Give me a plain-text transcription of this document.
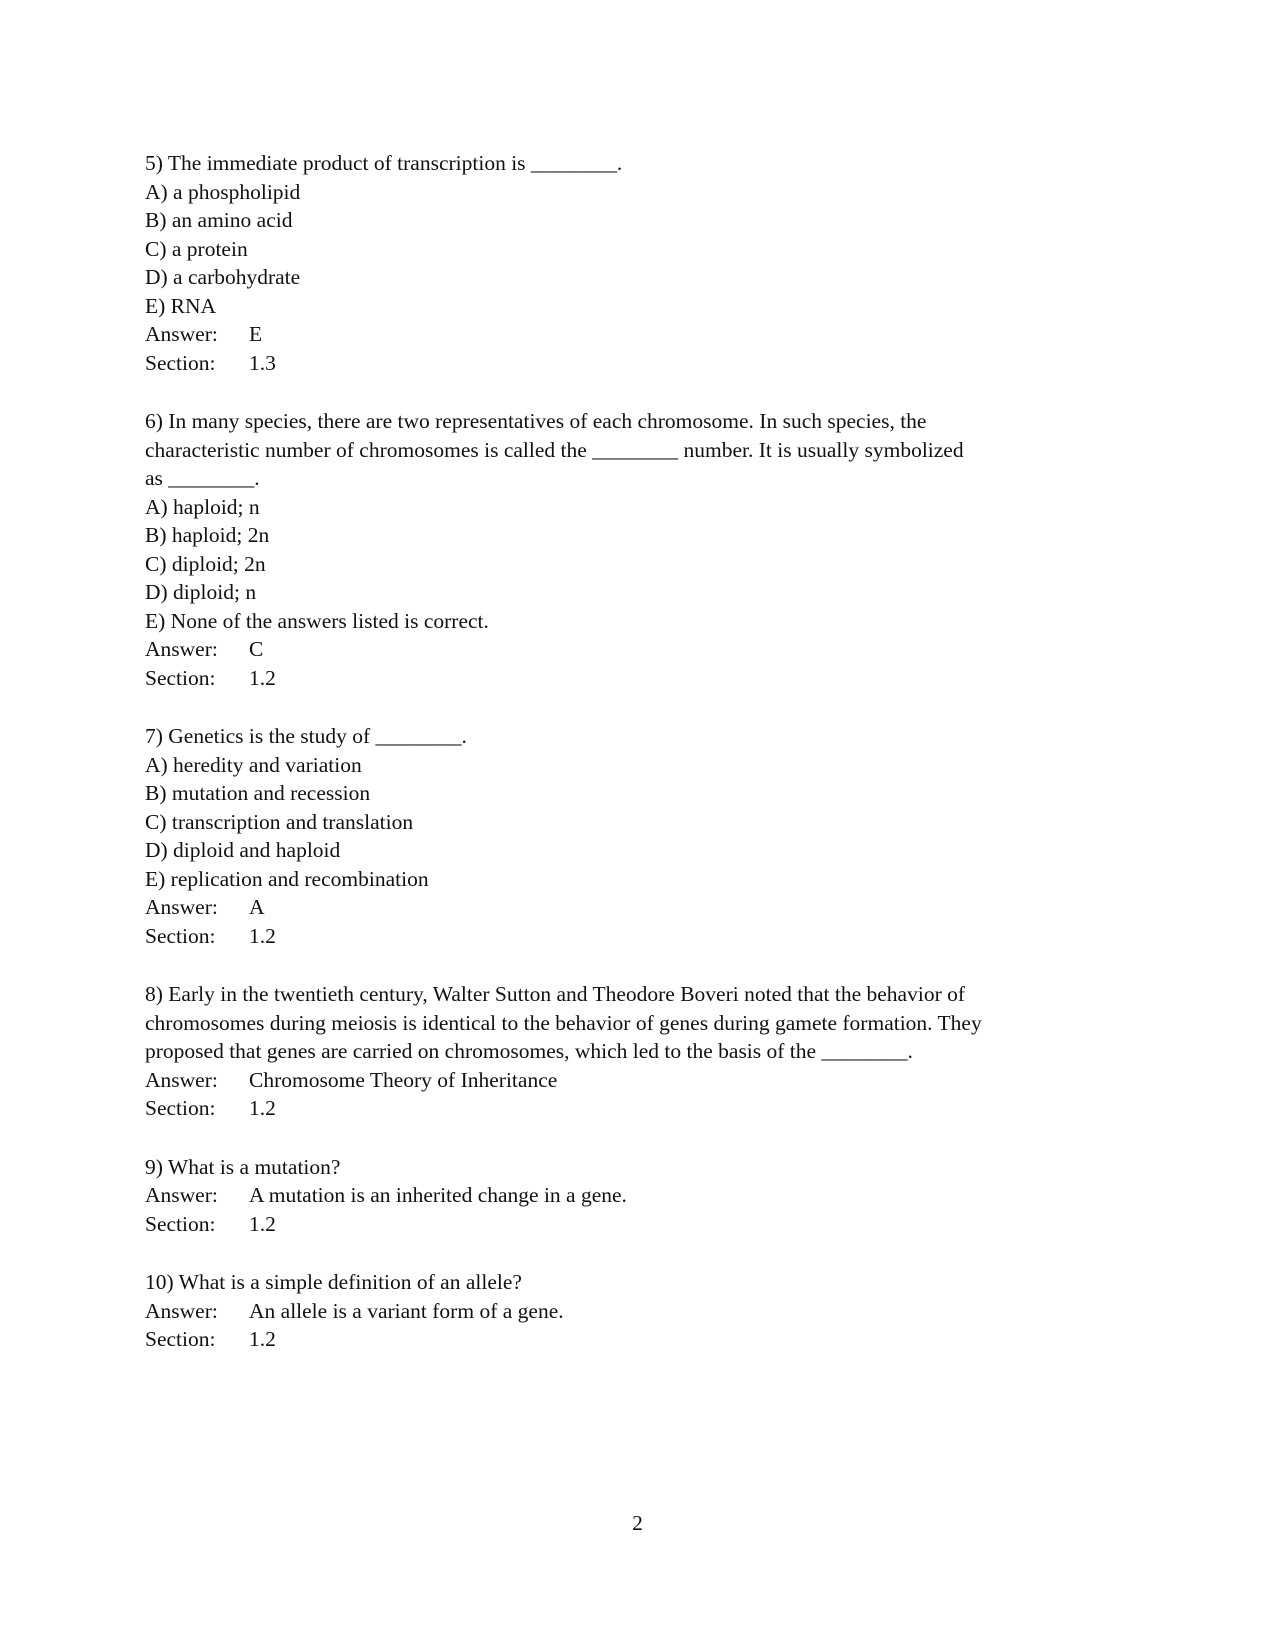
5) The immediate product of transcription is ________.
A) a phospholipid
B) an amino acid
C) a protein
D) a carbohydrate
E) RNA
Answer: E
Section: 1.3
6) In many species, there are two representatives of each chromosome. In such species, the
characteristic number of chromosomes is called the ________ number. It is usually symbolized
as ________.
A) haploid; n
B) haploid; 2n
C) diploid; 2n
D) diploid; n
E) None of the answers listed is correct.
Answer: C
Section: 1.2
7) Genetics is the study of ________.
A) heredity and variation
B) mutation and recession
C) transcription and translation
D) diploid and haploid
E) replication and recombination
Answer: A
Section: 1.2
8) Early in the twentieth century, Walter Sutton and Theodore Boveri noted that the behavior of
chromosomes during meiosis is identical to the behavior of genes during gamete formation. They
proposed that genes are carried on chromosomes, which led to the basis of the ________.
Answer: Chromosome Theory of Inheritance
Section: 1.2
9) What is a mutation?
Answer: A mutation is an inherited change in a gene.
Section: 1.2
10) What is a simple definition of an allele?
Answer: An allele is a variant form of a gene.
Section: 1.2
2
